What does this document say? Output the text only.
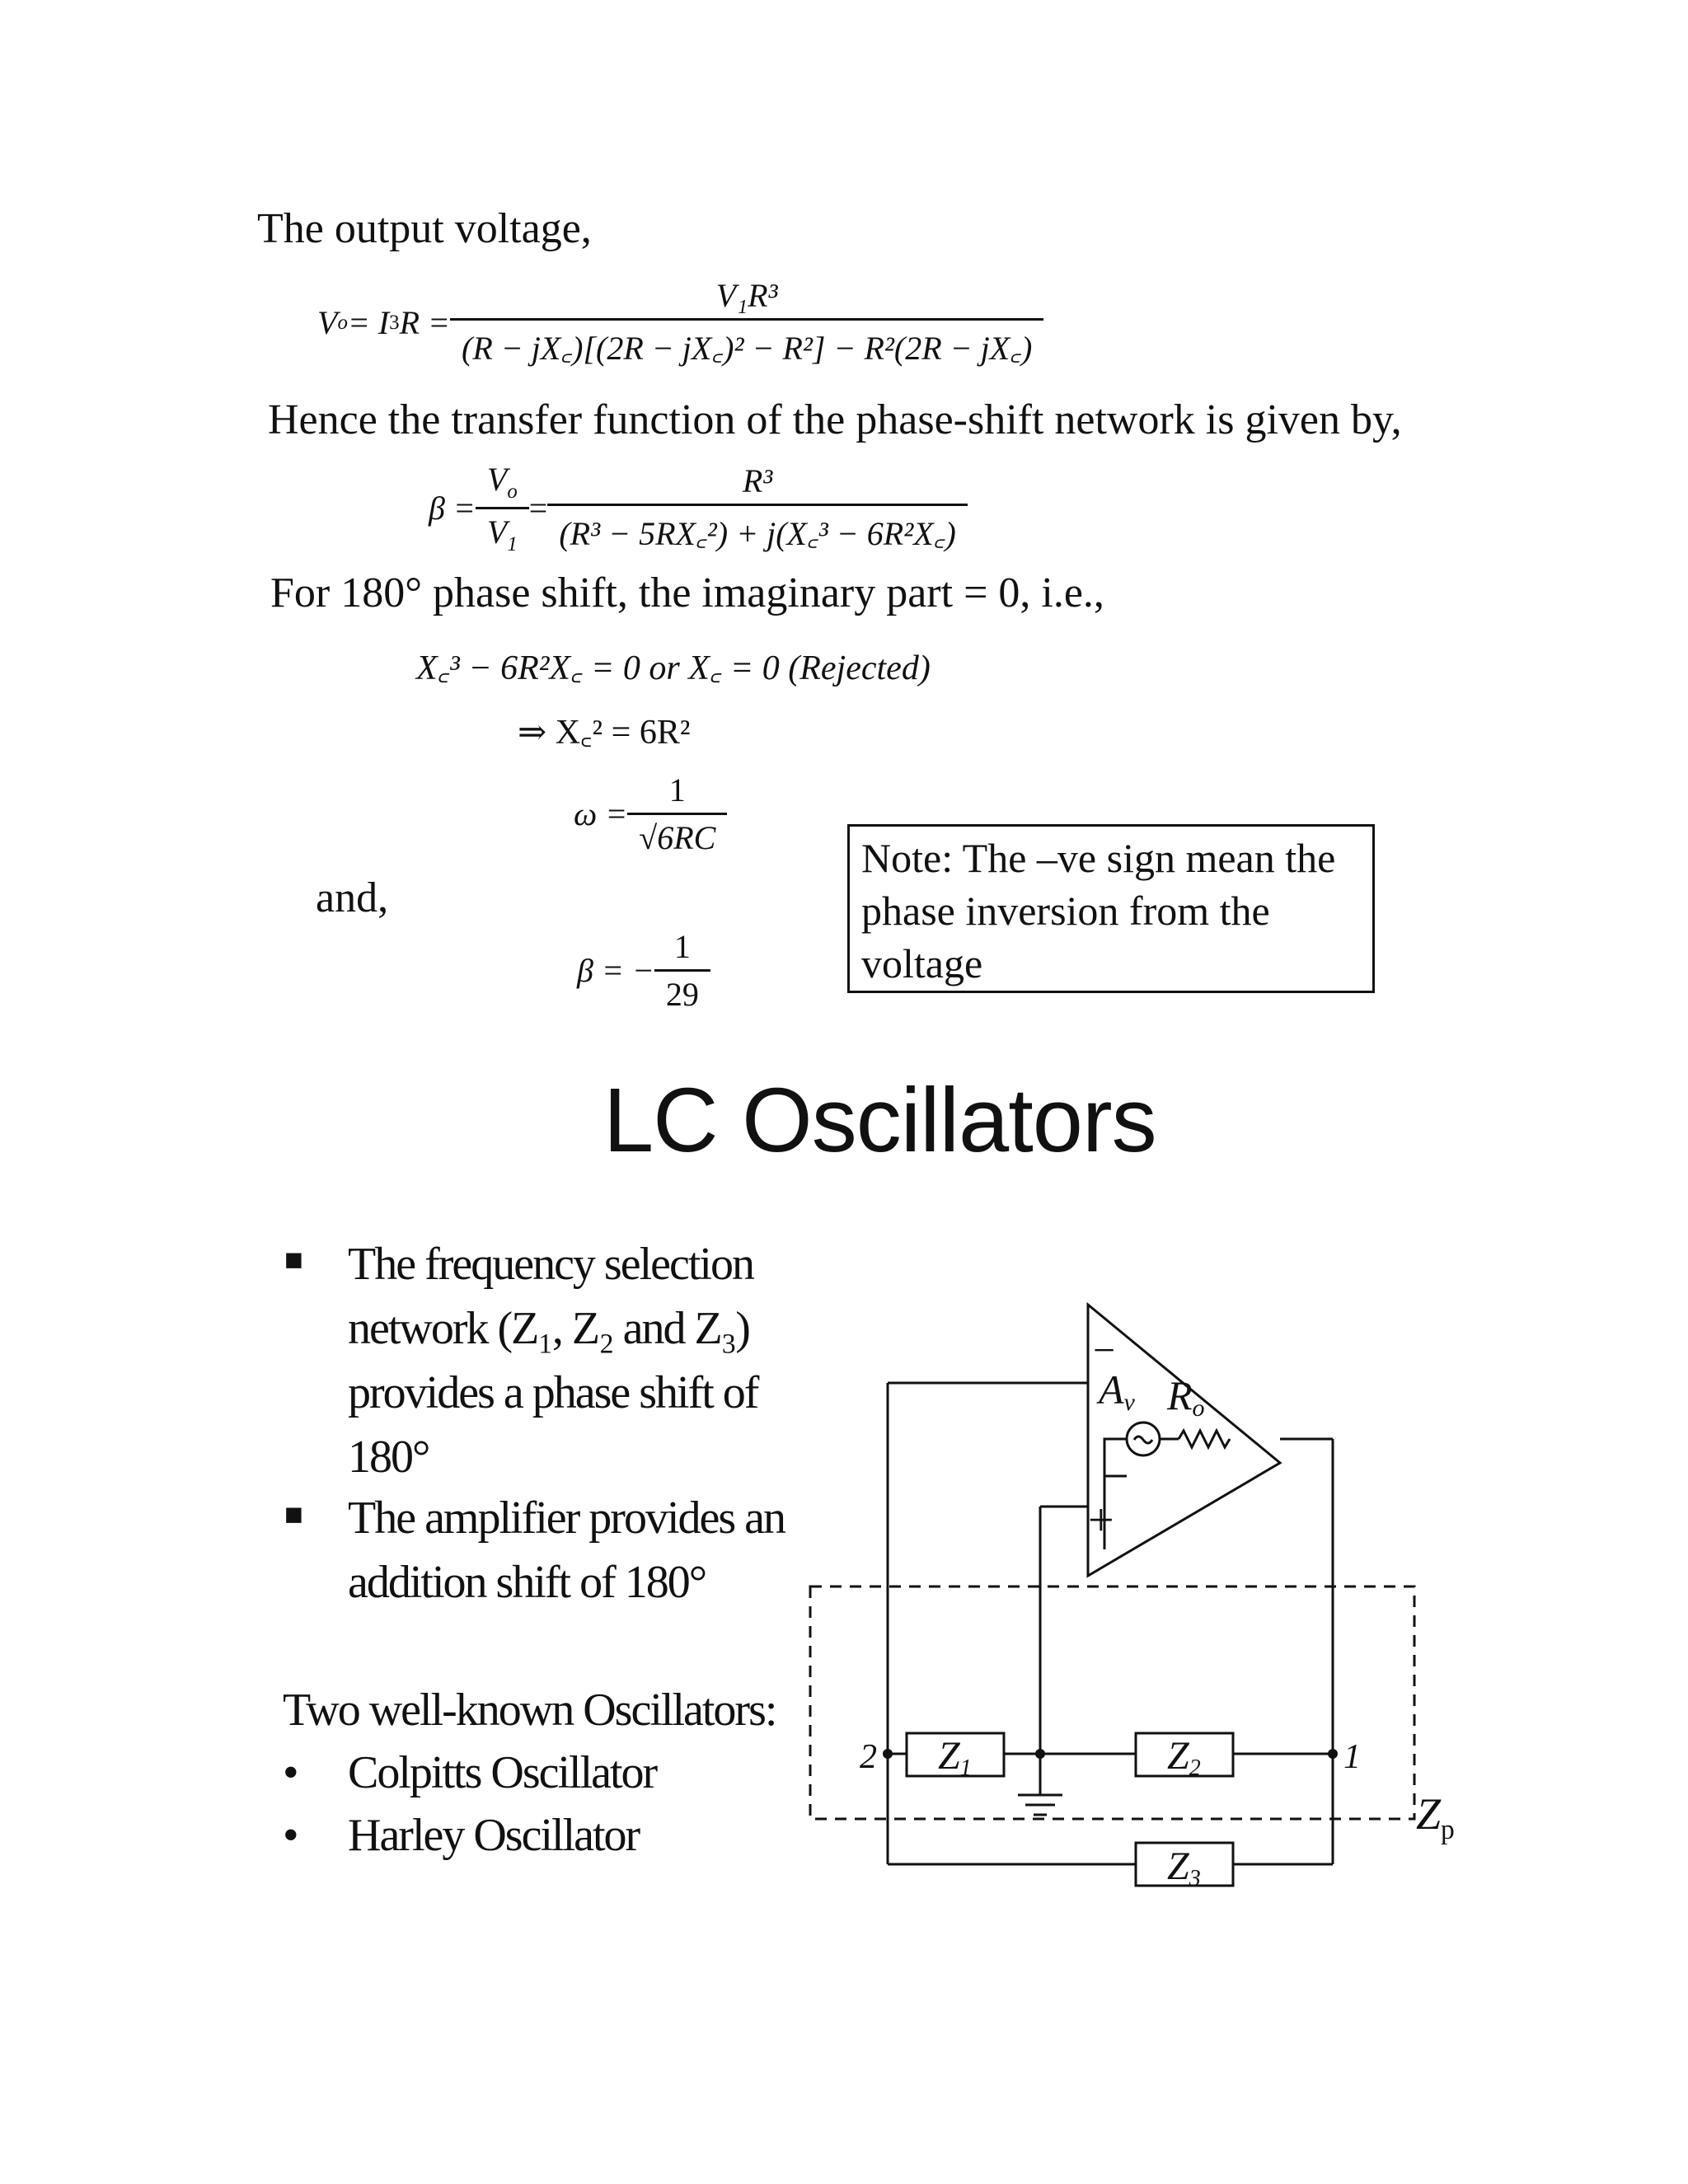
The output voltage,
V o = I 3 $R = \frac{\text{V₁R³}}{\text{(R − jX꜀)[(2R − jX꜀)² − R²] − R²(2R − jX꜀)}}$
Hence the transfer function of the phase-shift network is given by,
$\beta = \frac{V_o}{V_1} = \frac{\text{R³}}{\text{(R³ − 5RX꜀²) + j(X꜀³ − 6R²X꜀)}}$
For 180° phase shift, the imaginary part = 0, i.e.,
X꜀³ − 6R²X꜀ = 0 or X꜀ = 0 (Rejected)
⇒ X꜀² = 6R²
$\omega = \frac{1}{√6RC}$
and,
β = − $\frac{1}{29}$
Note: The –ve sign mean the
phase inversion from the
voltage
LC Oscillators
■ The frequency selection
network (Z₁, Z₂ and Z₃)
provides a phase shift of
180°
■ The amplifier provides an
addition shift of 180°
Two well-known Oscillators:
• Colpitts Oscillator
• Harley Oscillator
−
+
Av Ro
Z1	Z2
Z3
2	1
$Z_p$
